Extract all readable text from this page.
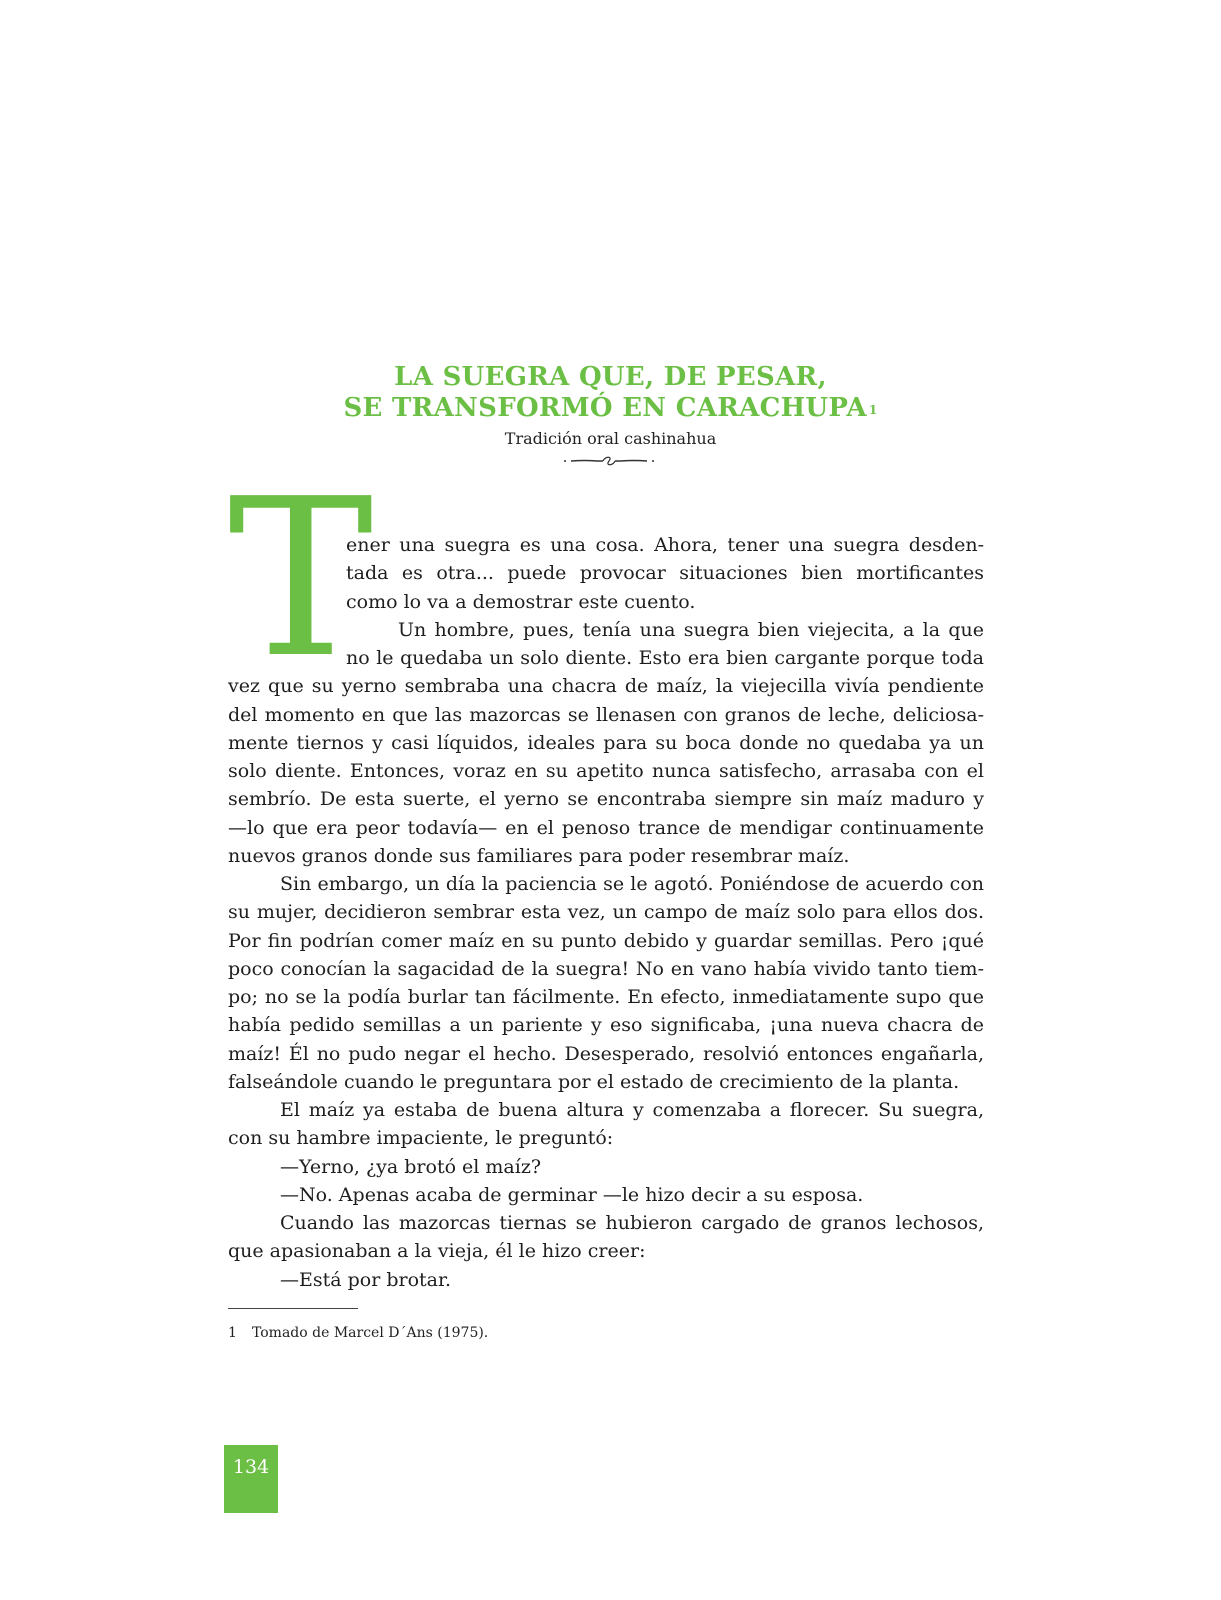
LA SUEGRA QUE, DE PESAR,
SE TRANSFORMÓ EN CARACHUPA $^1$
Tradición oral cashinahua
T
ener una suegra es una cosa. Ahora, tener una suegra desden-
tada es otra... puede provocar situaciones bien mortificantes
como lo va a demostrar este cuento.
Un hombre, pues, tenía una suegra bien viejecita, a la que
no le quedaba un solo diente. Esto era bien cargante porque toda
vez que su yerno sembraba una chacra de maíz, la viejecilla vivía pendiente
del momento en que las mazorcas se llenasen con granos de leche, deliciosa-
mente tiernos y casi líquidos, ideales para su boca donde no quedaba ya un
solo diente. Entonces, voraz en su apetito nunca satisfecho, arrasaba con el
sembrío. De esta suerte, el yerno se encontraba siempre sin maíz maduro y
—lo que era peor todavía— en el penoso trance de mendigar continuamente
nuevos granos donde sus familiares para poder resembrar maíz.
Sin embargo, un día la paciencia se le agotó. Poniéndose de acuerdo con
su mujer, decidieron sembrar esta vez, un campo de maíz solo para ellos dos.
Por fin podrían comer maíz en su punto debido y guardar semillas. Pero ¡qué
poco conocían la sagacidad de la suegra! No en vano había vivido tanto tiem-
po; no se la podía burlar tan fácilmente. En efecto, inmediatamente supo que
había pedido semillas a un pariente y eso significaba, ¡una nueva chacra de
maíz! Él no pudo negar el hecho. Desesperado, resolvió entonces engañarla,
falseándole cuando le preguntara por el estado de crecimiento de la planta.
El maíz ya estaba de buena altura y comenzaba a florecer. Su suegra,
con su hambre impaciente, le preguntó:
—Yerno, ¿ya brotó el maíz?
—No. Apenas acaba de germinar —le hizo decir a su esposa.
Cuando las mazorcas tiernas se hubieron cargado de granos lechosos,
que apasionaban a la vieja, él le hizo creer:
—Está por brotar.
1 Tomado de Marcel D´Ans (1975).
134
